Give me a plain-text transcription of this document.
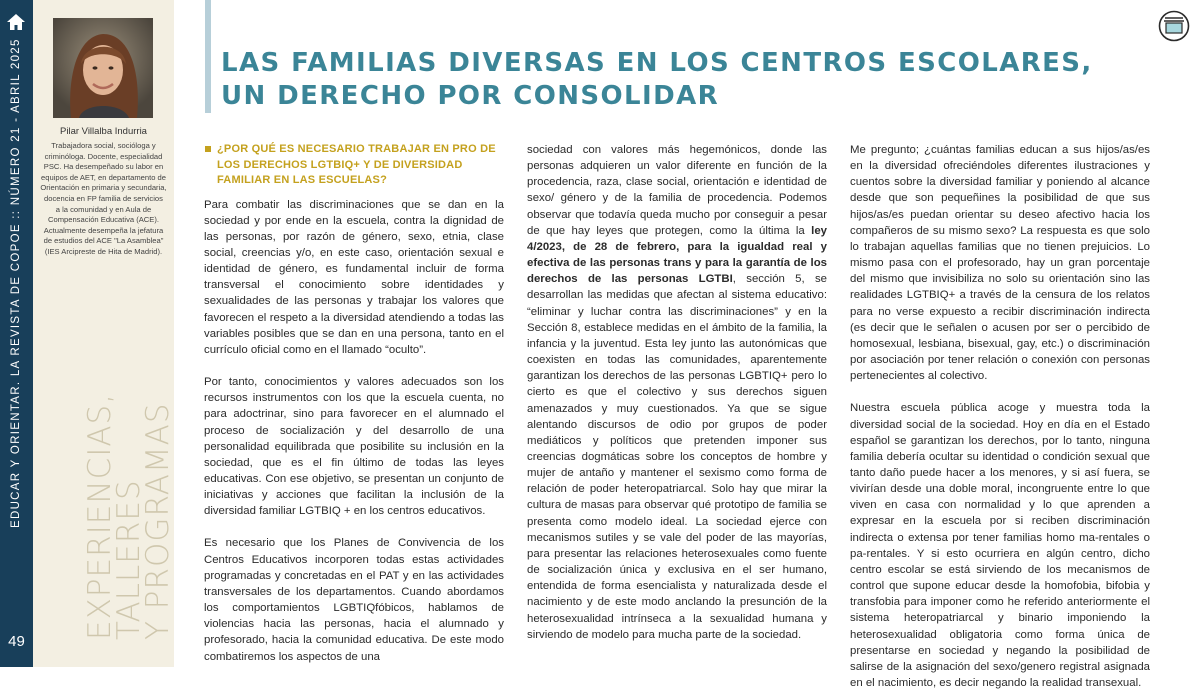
EDUCAR Y ORIENTAR. LA REVISTA DE COPOE :: NÚMERO 21 - ABRIL 2025
49
Pilar Villalba Indurria
Trabajadora social, socióloga y
criminóloga. Docente, especialidad
PSC. Ha desempeñado su labor en
equipos de AET, en departamento de
Orientación en primaria y secundaria,
docencia en FP familia de servicios
a la comunidad y en Aula de
Compensación Educativa (ACE).
Actualmente desempeña la jefatura
de estudios del ACE "La Asamblea"
(IES Arcipreste de Hita de Madrid).
EXPERIENCIAS,
TALLERES
Y PROGRAMAS
LAS FAMILIAS DIVERSAS EN LOS CENTROS ESCOLARES, UN DERECHO POR CONSOLIDAR
¿POR QUÉ ES NECESARIO TRABAJAR EN PRO DE LOS DERECHOS LGTBIQ+ Y DE DIVERSIDAD FAMILIAR EN LAS ESCUELAS?

Para combatir las discriminaciones que se dan en la sociedad y por ende en la escuela, contra la dignidad de las personas, por razón de género, sexo, etnia, clase social, creencias y/o, en este caso, orientación sexual e identidad de género, es fundamental incluir de forma transversal el conocimiento sobre identidades y sexualidades de las personas y trabajar los valores que favorecen el respeto a la diversidad atendiendo a todas las variables posibles que se dan en una persona, tanto en el currículo oficial como en el llamado “oculto”.

Por tanto, conocimientos y valores adecuados son los recursos instrumentos con los que la escuela cuenta, no para adoctrinar, sino para favorecer en el alumnado el proceso de socialización y del desarrollo de una personalidad equilibrada que posibilite su inclusión en la sociedad, que es el fin último de todas las leyes educativas. Con ese objetivo, se presentan un conjunto de iniciativas y acciones que facilitan la inclusión de la diversidad familiar LGTBIQ + en los centros educativos.

Es necesario que los Planes de Convivencia de los Centros Educativos incorporen todas estas actividades programadas y concretadas en el PAT y en las actividades transversales de los departamentos. Cuando abordamos los comportamientos LGBTIQfóbicos, hablamos de violencias hacia las personas, hacia el alumnado y profesorado, hacia la comunidad educativa. De este modo combatiremos los aspectos de una

sociedad con valores más hegemónicos, donde las personas adquieren un valor diferente en función de la procedencia, raza, clase social, orientación e identidad de sexo/ género y de la familia de procedencia. Podemos observar que todavía queda mucho por conseguir a pesar de que hay leyes que protegen, como la última la ley 4/2023, de 28 de febrero, para la igualdad real y efectiva de las personas trans y para la garantía de los derechos de las personas LGTBI, sección 5, se desarrollan las medidas que afectan al sistema educativo: “eliminar y luchar contra las discriminaciones” y en la Sección 8, establece medidas en el ámbito de la familia, la infancia y la juventud. Esta ley junto las autonómicas que coexisten en todas las comunidades, aparentemente garantizan los derechos de las personas LGBTIQ+ pero lo cierto es que el colectivo y sus derechos siguen amenazados y muy cuestionados. Ya que se sigue alentando discursos de odio por grupos de poder mediáticos y políticos que pretenden imponer sus creencias dogmáticas sobre los conceptos de hombre y mujer de antaño y mantener el sexismo como forma de relación de poder heteropatriarcal. Solo hay que mirar la cultura de masas para observar qué prototipo de familia se presenta como modelo ideal. La sociedad ejerce con mecanismos sutiles y se vale del poder de las mayorías, para presentar las relaciones heterosexuales como fuente de socialización única y exclusiva en el ser humano, entendida de forma esencialista y naturalizada desde el nacimiento y de este modo anclando la presunción de la heterosexualidad intrínseca a la sexualidad humana y sirviendo de modelo para mucha parte de la sociedad.

Me pregunto; ¿cuántas familias educan a sus hijos/as/es en la diversidad ofreciéndoles diferentes ilustraciones y cuentos sobre la diversidad familiar y poniendo al alcance desde que son pequeñines la posibilidad de que sus hijos/as/es puedan orientar su deseo afectivo hacia los compañeros de su mismo sexo? La respuesta es que solo lo trabajan aquellas familias que no tienen prejuicios. Lo mismo pasa con el profesorado, hay un gran porcentaje del mismo que invisibiliza no solo su orientación sino las realidades LGTBIQ+ a través de la censura de los relatos para no verse expuesto a recibir discriminación indirecta (es decir que le señalen o acusen por ser o percibido de homosexual, lesbiana, bisexual, gay, etc.) o discriminación por asociación por tener relación o conexión con personas pertenecientes al colectivo.

Nuestra escuela pública acoge y muestra toda la diversidad social de la sociedad. Hoy en día en el Estado español se garantizan los derechos, por lo tanto, ninguna familia debería ocultar su identidad o condición sexual que tanto daño puede hacer a los menores, y si así fuera, se vivirían desde una doble moral, incongruente entre lo que viven en casa con normalidad y lo que aprenden a expresar en la escuela por si reciben discriminación indirecta o extensa por tener familias homo ma-rentales o pa-rentales. Y si esto ocurriera en algún centro, dicho centro escolar se está sirviendo de los mecanismos de control que supone educar desde la homofobia, bifobia y transfobia para imponer como he referido anteriormente el sistema heteropatriarcal y binario imponiendo la heterosexualidad obligatoria como forma única de presentarse en sociedad y negando la posibilidad de salirse de la asignación del sexo/genero registral asignada en el nacimiento, es decir negando la realidad transexual.
